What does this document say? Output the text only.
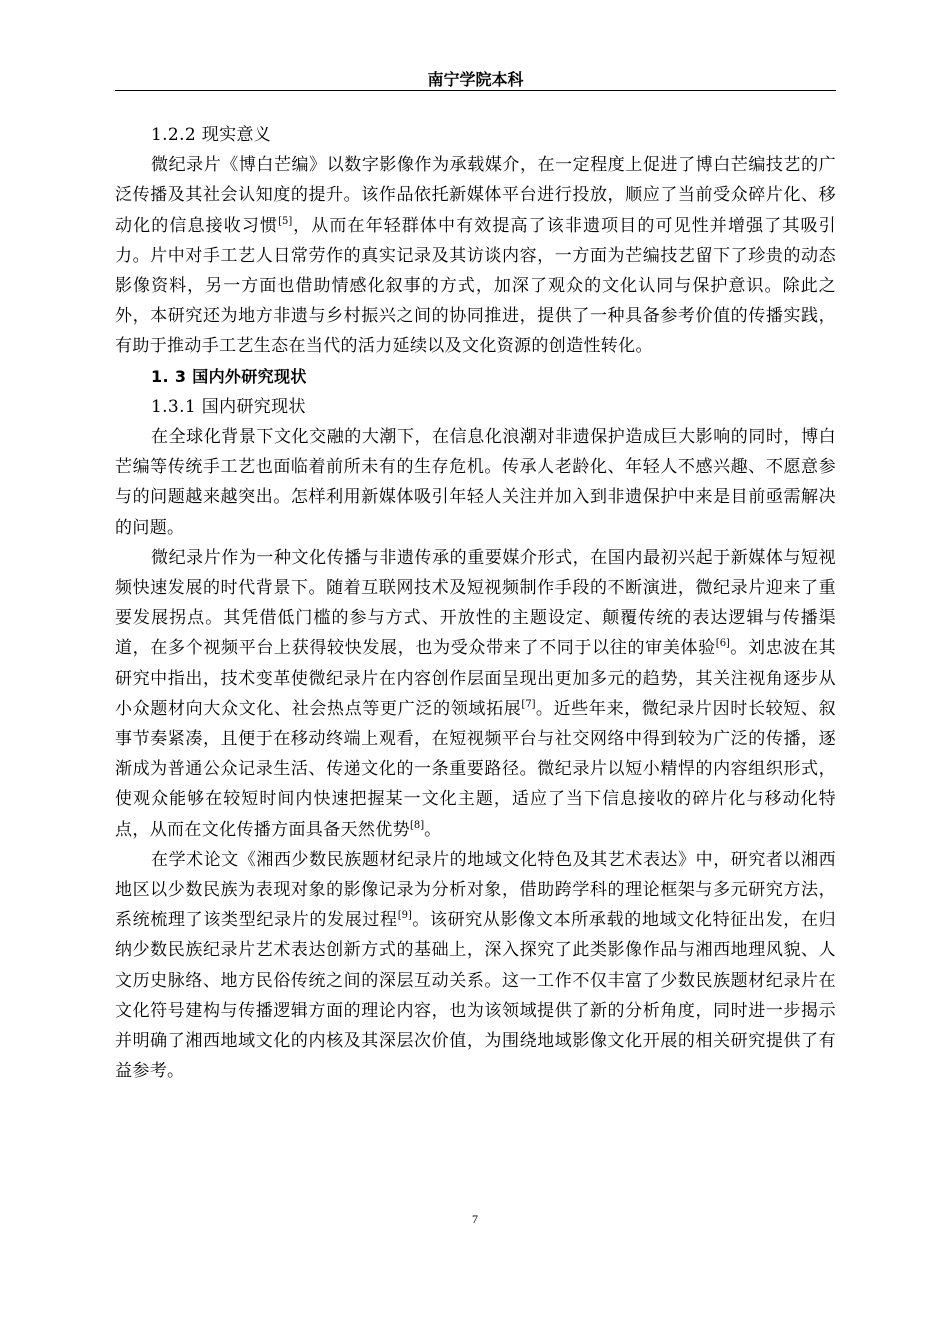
南宁学院本科
1.2.2 现实意义

微纪录片《博白芒编》以数字影像作为承载媒介，在一定程度上促进了博白芒编技艺的广泛传播及其社会认知度的提升。该作品依托新媒体平台进行投放，顺应了当前受众碎片化、移动化的信息接收习惯[5]，从而在年轻群体中有效提高了该非遗项目的可见性并增强了其吸引力。片中对手工艺人日常劳作的真实记录及其访谈内容，一方面为芒编技艺留下了珍贵的动态影像资料，另一方面也借助情感化叙事的方式，加深了观众的文化认同与保护意识。除此之外，本研究还为地方非遗与乡村振兴之间的协同推进，提供了一种具备参考价值的传播实践，有助于推动手工艺生态在当代的活力延续以及文化资源的创造性转化。

1. 3 国内外研究现状
1.3.1 国内研究现状

在全球化背景下文化交融的大潮下，在信息化浪潮对非遗保护造成巨大影响的同时，博白芒编等传统手工艺也面临着前所未有的生存危机。传承人老龄化、年轻人不感兴趣、不愿意参与的问题越来越突出。怎样利用新媒体吸引年轻人关注并加入到非遗保护中来是目前亟需解决的问题。

微纪录片作为一种文化传播与非遗传承的重要媒介形式，在国内最初兴起于新媒体与短视频快速发展的时代背景下。随着互联网技术及短视频制作手段的不断演进，微纪录片迎来了重要发展拐点。其凭借低门槛的参与方式、开放性的主题设定、颠覆传统的表达逻辑与传播渠道，在多个视频平台上获得较快发展，也为受众带来了不同于以往的审美体验[6]。刘忠波在其研究中指出，技术变革使微纪录片在内容创作层面呈现出更加多元的趋势，其关注视角逐步从小众题材向大众文化、社会热点等更广泛的领域拓展[7]。近些年来，微纪录片因时长较短、叙事节奏紧凑，且便于在移动终端上观看，在短视频平台与社交网络中得到较为广泛的传播，逐渐成为普通公众记录生活、传递文化的一条重要路径。微纪录片以短小精悍的内容组织形式，使观众能够在较短时间内快速把握某一文化主题，适应了当下信息接收的碎片化与移动化特点，从而在文化传播方面具备天然优势[8]。

在学术论文《湘西少数民族题材纪录片的地域文化特色及其艺术表达》中，研究者以湘西地区以少数民族为表现对象的影像记录为分析对象，借助跨学科的理论框架与多元研究方法，系统梳理了该类型纪录片的发展过程[9]。该研究从影像文本所承载的地域文化特征出发，在归纳少数民族纪录片艺术表达创新方式的基础上，深入探究了此类影像作品与湘西地理风貌、人文历史脉络、地方民俗传统之间的深层互动关系。这一工作不仅丰富了少数民族题材纪录片在文化符号建构与传播逻辑方面的理论内容，也为该领域提供了新的分析角度，同时进一步揭示并明确了湘西地域文化的内核及其深层次价值，为围绕地域影像文化开展的相关研究提供了有益参考。

7
